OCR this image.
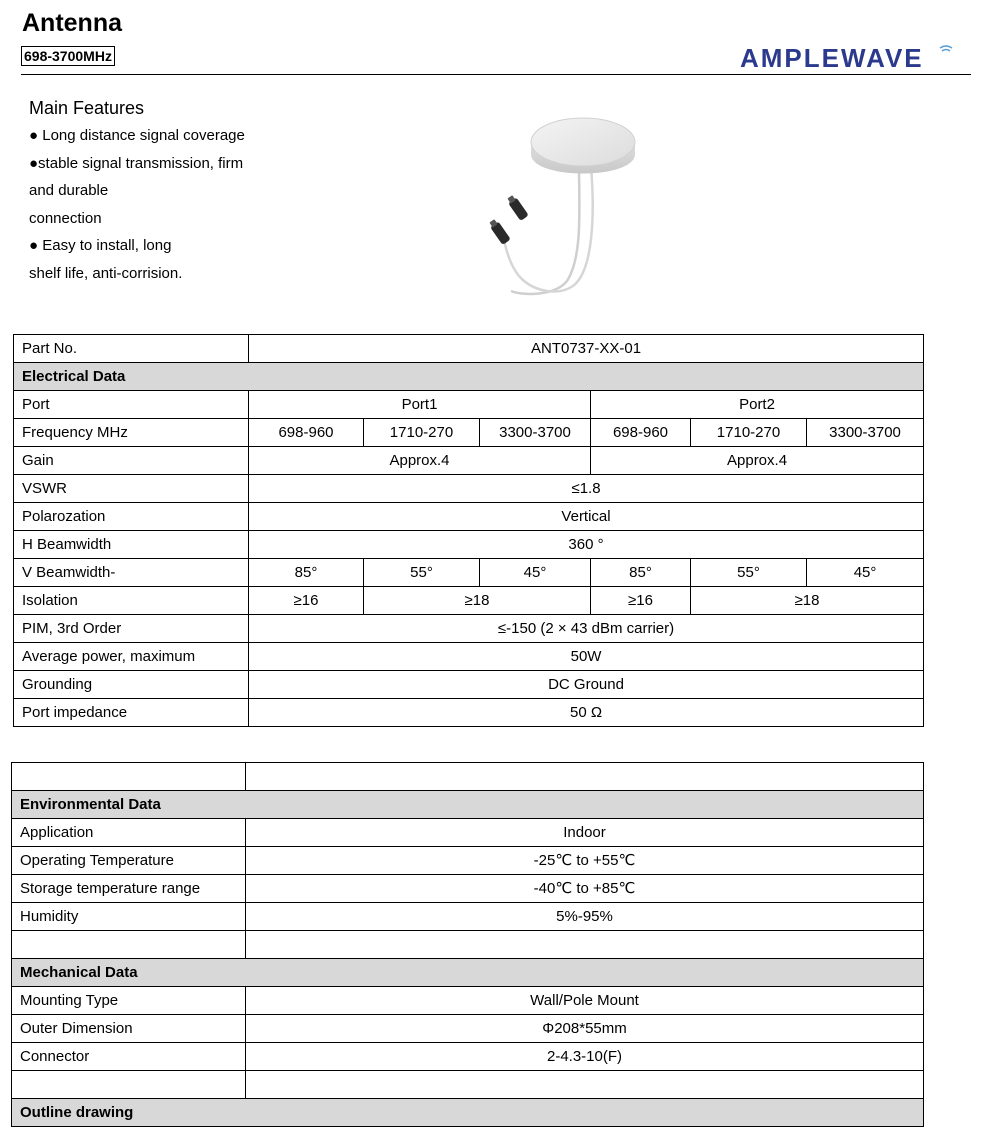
Antenna
698-3700MHz	AMPLEWAVE
Main Features
● Long distance signal coverage
●stable signal transmission, firm
and durable
connection
● Easy to install, long
shelf life, anti-corrision.
Part No.	ANT0737-XX-01					
Electrical Data						
Port	Port1			Port2		
Frequency MHz	698-960	1710-270	3300-3700	698-960	1710-270	3300-3700
Gain	Approx.4			Approx.4		
VSWR	≤1.8					
Polarozation	Vertical					
H Beamwidth	360 °					
V Beamwidth-	85°	55°	45°	85°	55°	45°
Isolation	≥16	≥18		≥16	≥18	
PIM, 3rd Order	≤-150 (2 × 43 dBm carrier)					
Average power, maximum	50W					
Grounding	DC Ground					
Port impedance	50 Ω					

Environmental Data	
Application	Indoor
Operating Temperature	-25℃ to +55℃
Storage temperature range	-40℃ to +85℃
Humidity	5%-95%

Mechanical Data	
Mounting Type	Wall/Pole Mount
Outer Dimension	Φ208*55mm
Connector	2-4.3-10(F)

Outline drawing	
